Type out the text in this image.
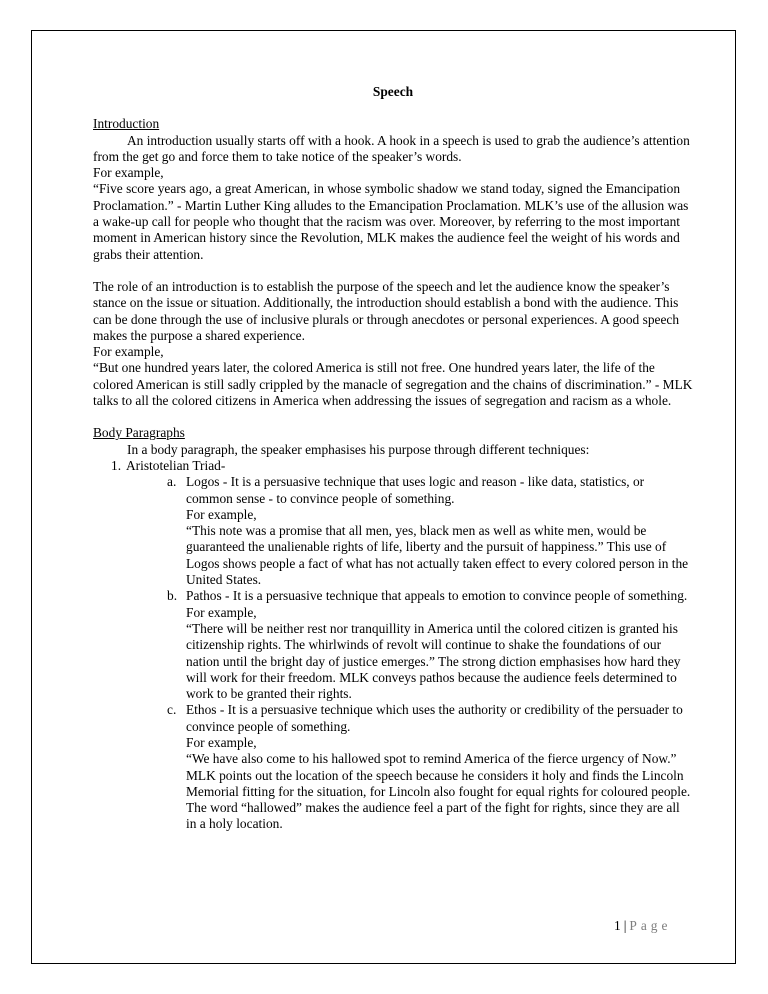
Speech

Introduction

An introduction usually starts off with a hook. A hook in a speech is used to grab the audience’s attention from the get go and force them to take notice of the speaker’s words.

For example,

“Five score years ago, a great American, in whose symbolic shadow we stand today, signed the Emancipation Proclamation.” - Martin Luther King alludes to the Emancipation Proclamation. MLK’s use of the allusion was a wake-up call for people who thought that the racism was over. Moreover, by referring to the most important moment in American history since the Revolution, MLK makes the audience feel the weight of his words and grabs their attention.

The role of an introduction is to establish the purpose of the speech and let the audience know the speaker’s stance on the issue or situation. Additionally, the introduction should establish a bond with the audience. This can be done through the use of inclusive plurals or through anecdotes or personal experiences. A good speech makes the purpose a shared experience.

For example,

“But one hundred years later, the colored America is still not free. One hundred years later, the life of the colored American is still sadly crippled by the manacle of segregation and the chains of discrimination.” - MLK talks to all the colored citizens in America when addressing the issues of segregation and racism as a whole.

Body Paragraphs

In a body paragraph, the speaker emphasises his purpose through different techniques:

1. Aristotelian Triad-
a. Logos - It is a persuasive technique that uses logic and reason - like data, statistics, or common sense - to convince people of something.

For example,

“This note was a promise that all men, yes, black men as well as white men, would be guaranteed the unalienable rights of life, liberty and the pursuit of happiness.” This use of Logos shows people a fact of what has not actually taken effect to every colored person in the United States.

b. Pathos - It is a persuasive technique that appeals to emotion to convince people of something.

For example,

“There will be neither rest nor tranquillity in America until the colored citizen is granted his citizenship rights. The whirlwinds of revolt will continue to shake the foundations of our nation until the bright day of justice emerges.” The strong diction emphasises how hard they will work for their freedom. MLK conveys pathos because the audience feels determined to work to be granted their rights.

c. Ethos - It is a persuasive technique which uses the authority or credibility of the persuader to convince people of something.

For example,

“We have also come to his hallowed spot to remind America of the fierce urgency of Now.” MLK points out the location of the speech because he considers it holy and finds the Lincoln Memorial fitting for the situation, for Lincoln also fought for equal rights for coloured people. The word “hallowed” makes the audience feel a part of the fight for rights, since they are all in a holy location.

1 | Page
